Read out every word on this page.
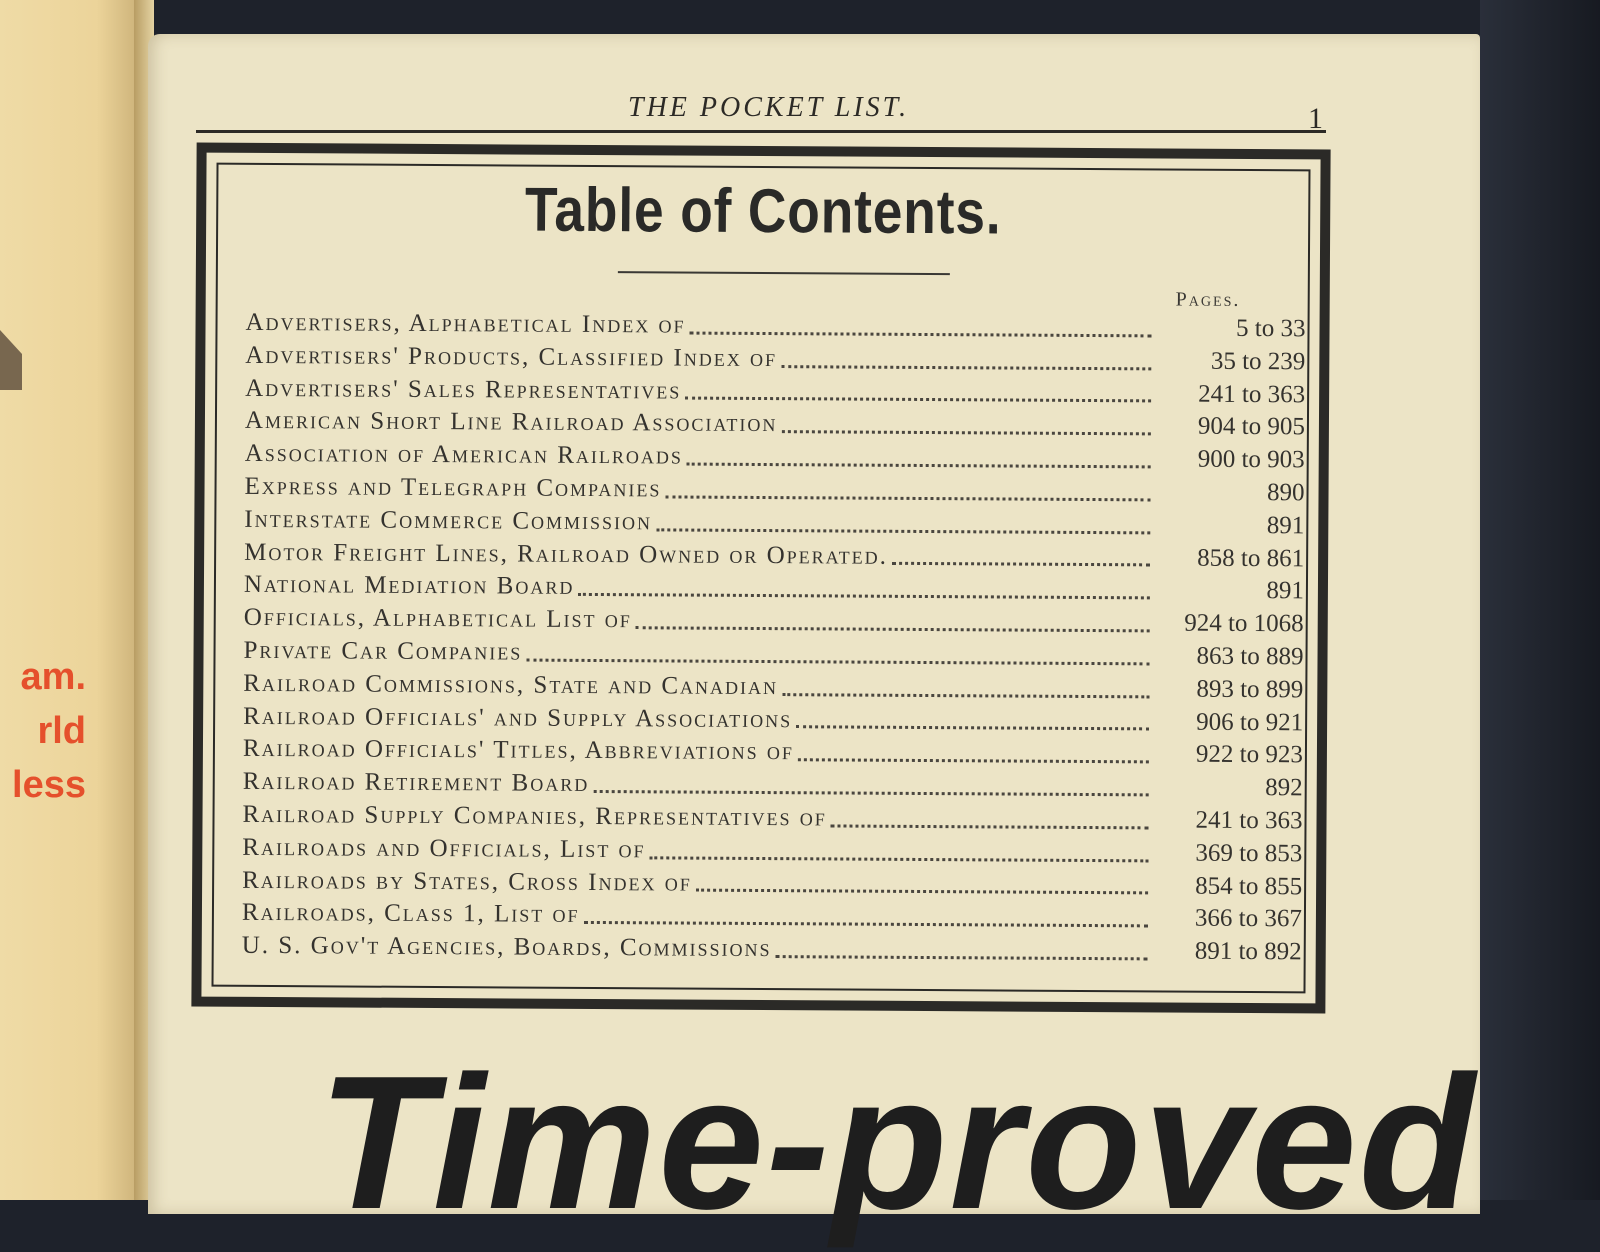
am.
rld
less
THE POCKET LIST.	1
Table of Contents.
Pages.
Advertisers, Alphabetical Index of	5 to 33
Advertisers' Products, Classified Index of	35 to 239
Advertisers' Sales Representatives	241 to 363
American Short Line Railroad Association	904 to 905
Association of American Railroads	900 to 903
Express and Telegraph Companies	890
Interstate Commerce Commission	891
Motor Freight Lines, Railroad Owned or Operated.	858 to 861
National Mediation Board	891
Officials, Alphabetical List of	924 to 1068
Private Car Companies	863 to 889
Railroad Commissions, State and Canadian	893 to 899
Railroad Officials' and Supply Associations	906 to 921
Railroad Officials' Titles, Abbreviations of	922 to 923
Railroad Retirement Board	892
Railroad Supply Companies, Representatives of	241 to 363
Railroads and Officials, List of	369 to 853
Railroads by States, Cross Index of	854 to 855
Railroads, Class 1, List of	366 to 367
U. S. Gov't Agencies, Boards, Commissions	891 to 892
Time-proved
